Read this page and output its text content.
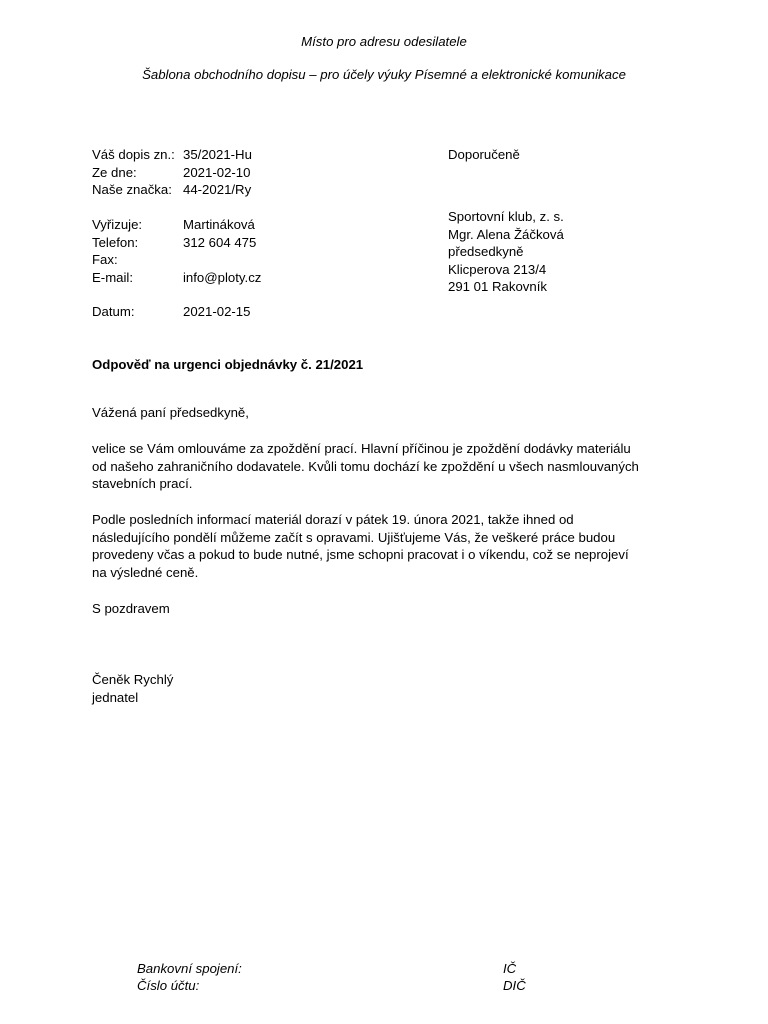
Místo pro adresu odesilatele
Šablona obchodního dopisu – pro účely výuky Písemné a elektronické komunikace
Váš dopis zn.: 35/2021-Hu
Ze dne:	2021-02-10
Naše značka: 44-2021/Ry
Vyřizuje:	Martináková
Telefon:	312 604 475
Fax:
E-mail:	info@ploty.cz
Datum:	2021-02-15
Doporučeně
Sportovní klub, z. s.
Mgr. Alena Žáčková
předsedkyně
Klicperova 213/4
291 01 Rakovník
Odpověď na urgenci objednávky č. 21/2021
Vážená paní předsedkyně,
velice se Vám omlouváme za zpoždění prací. Hlavní příčinou je zpoždění dodávky materiálu
od našeho zahraničního dodavatele. Kvůli tomu dochází ke zpoždění u všech nasmlouvaných
stavebních prací.
Podle posledních informací materiál dorazí v pátek 19. února 2021, takže ihned od
následujícího pondělí můžeme začít s opravami. Ujišťujeme Vás, že veškeré práce budou
provedeny včas a pokud to bude nutné, jsme schopni pracovat i o víkendu, což se neprojeví
na výsledné ceně.
S pozdravem
Čeněk Rychlý
jednatel
Bankovní spojení:
Číslo účtu:
IČ
DIČ
